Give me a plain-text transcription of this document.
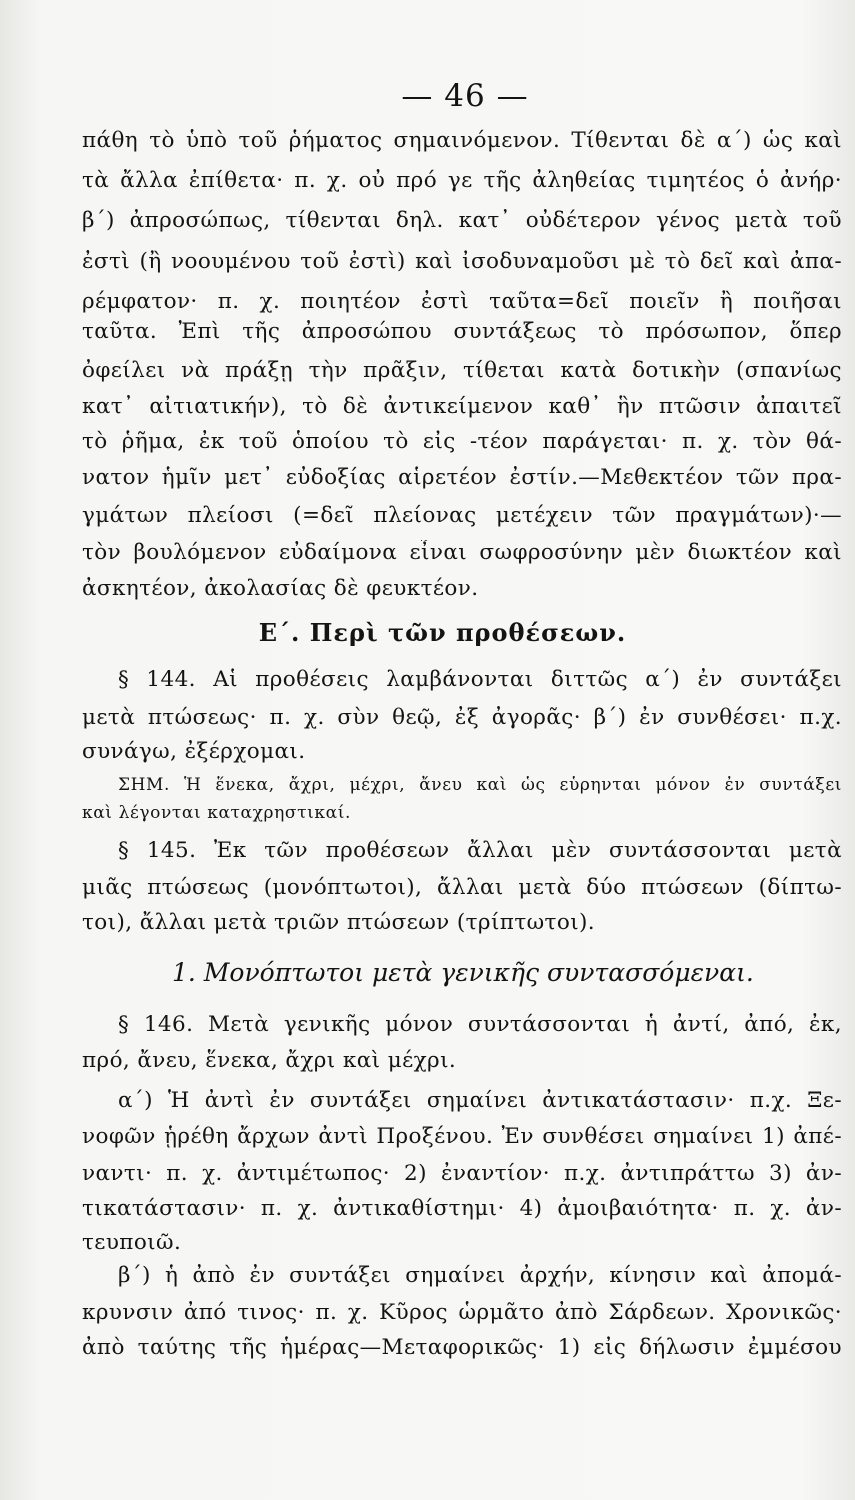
— 46 —
πάθη τὸ ὑπὸ τοῦ ῥήματος σημαινόμενον. Τίθενται δὲ α΄) ὡς καὶ
τὰ ἄλλα ἐπίθετα· π. χ. οὐ πρό γε τῆς ἀληθείας τιμητέος ὁ ἀνήρ·
β΄) ἀπροσώπως, τίθενται δηλ. κατ᾽ οὐδέτερον γένος μετὰ τοῦ
ἐστὶ (ἢ νοουμένου τοῦ ἐστὶ) καὶ ἰσοδυναμοῦσι μὲ τὸ δεῖ καὶ ἀπα-
ρέμφατον· π. χ. ποιητέον ἐστὶ ταῦτα=δεῖ ποιεῖν ἢ ποιῆσαι
ταῦτα. Ἐπὶ τῆς ἀπροσώπου συντάξεως τὸ πρόσωπον, ὅπερ
ὀφείλει νὰ πράξῃ τὴν πρᾶξιν, τίθεται κατὰ δοτικὴν (σπανίως
κατ᾽ αἰτιατικήν), τὸ δὲ ἀντικείμενον καθ᾽ ἣν πτῶσιν ἀπαιτεῖ
τὸ ῥῆμα, ἐκ τοῦ ὁποίου τὸ εἰς -τέον παράγεται· π. χ. τὸν θά-
νατον ἡμῖν μετ᾽ εὐδοξίας αἱρετέον ἐστίν.—Μεθεκτέον τῶν πρα-
γμάτων πλείοσι (=δεῖ πλείονας μετέχειν τῶν πραγμάτων)·—
τὸν βουλόμενον εὐδαίμονα εἶναι σωφροσύνην μὲν διωκτέον καὶ
ἀσκητέον, ἀκολασίας δὲ φευκτέον.
Ε΄. Περὶ τῶν προθέσεων.
§ 144. Αἱ προθέσεις λαμβάνονται διττῶς α΄) ἐν συντάξει
μετὰ πτώσεως· π. χ. σὺν θεῷ, ἐξ ἀγορᾶς· β΄) ἐν συνθέσει· π.χ.
συνάγω, ἐξέρχομαι.
ΣΗΜ. Ἡ ἕνεκα, ἄχρι, μέχρι, ἄνευ καὶ ὡς εὑρηνται μόνον ἐν συντάξει
καὶ λέγονται καταχρηστικαί.
§ 145. Ἐκ τῶν προθέσεων ἄλλαι μὲν συντάσσονται μετὰ
μιᾶς πτώσεως (μονόπτωτοι), ἄλλαι μετὰ δύο πτώσεων (δίπτω-
τοι), ἄλλαι μετὰ τριῶν πτώσεων (τρίπτωτοι).
1. Μονόπτωτοι μετὰ γενικῆς συντασσόμεναι.
§ 146. Μετὰ γενικῆς μόνον συντάσσονται ἡ ἀντί, ἀπό, ἐκ,
πρό, ἄνευ, ἕνεκα, ἄχρι καὶ μέχρι.
α΄) Ἡ ἀντὶ ἐν συντάξει σημαίνει ἀντικατάστασιν· π.χ. Ξε-
νοφῶν ᾑρέθη ἄρχων ἀντὶ Προξένου. Ἐν συνθέσει σημαίνει 1) ἀπέ-
ναντι· π. χ. ἀντιμέτωπος· 2) ἐναντίον· π.χ. ἀντιπράττω 3) ἀν-
τικατάστασιν· π. χ. ἀντικαθίστημι· 4) ἀμοιβαιότητα· π. χ. ἀν-
τευποιῶ.
β΄) ἡ ἀπὸ ἐν συντάξει σημαίνει ἀρχήν, κίνησιν καὶ ἀπομά-
κρυνσιν ἀπό τινος· π. χ. Κῦρος ὡρμᾶτο ἀπὸ Σάρδεων. Χρονικῶς·
ἀπὸ ταύτης τῆς ἡμέρας—Μεταφορικῶς· 1) εἰς δήλωσιν ἐμμέσου
